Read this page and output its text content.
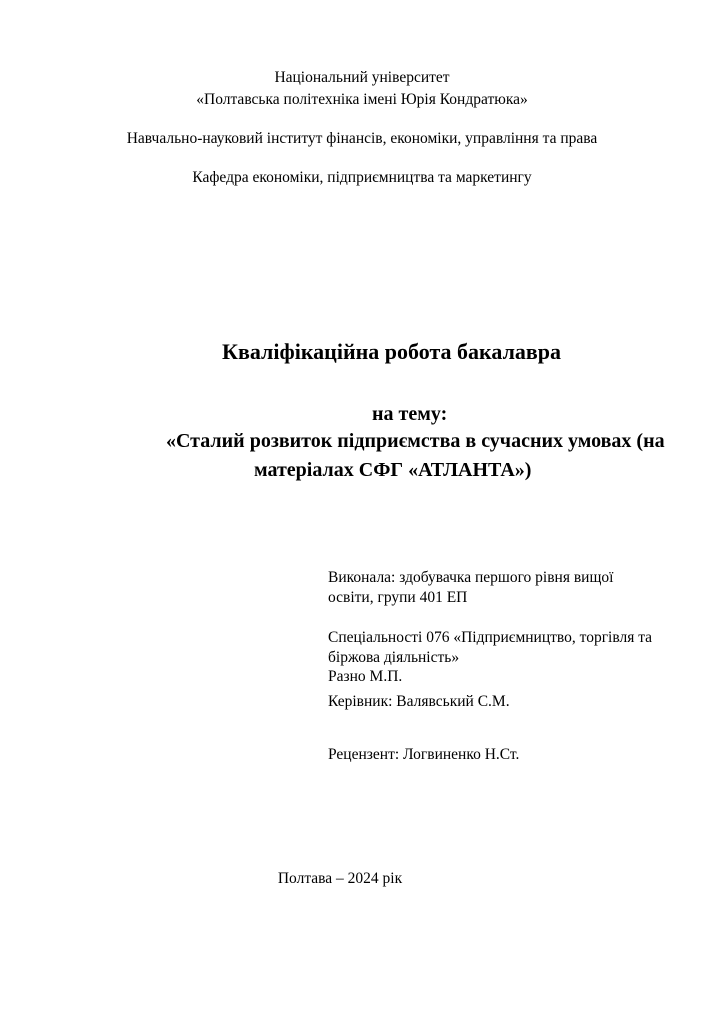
Національний університет
«Полтавська політехніка імені Юрія Кондратюка»
Навчально-науковий інститут фінансів, економіки, управління та права
Кафедра економіки, підприємництва та маркетингу
Кваліфікаційна робота бакалавра
на тему:
«Сталий розвиток підприємства в сучасних умовах (на
матеріалах СФГ «АТЛАНТА»)
Виконала: здобувачка першого рівня вищої
освіти, групи 401 ЕП
Спеціальності 076 «Підприємництво, торгівля та
біржова діяльність»
Разно М.П.
Керівник: Валявський С.М.
Рецензент: Логвиненко Н.Ст.
Полтава – 2024 рік
